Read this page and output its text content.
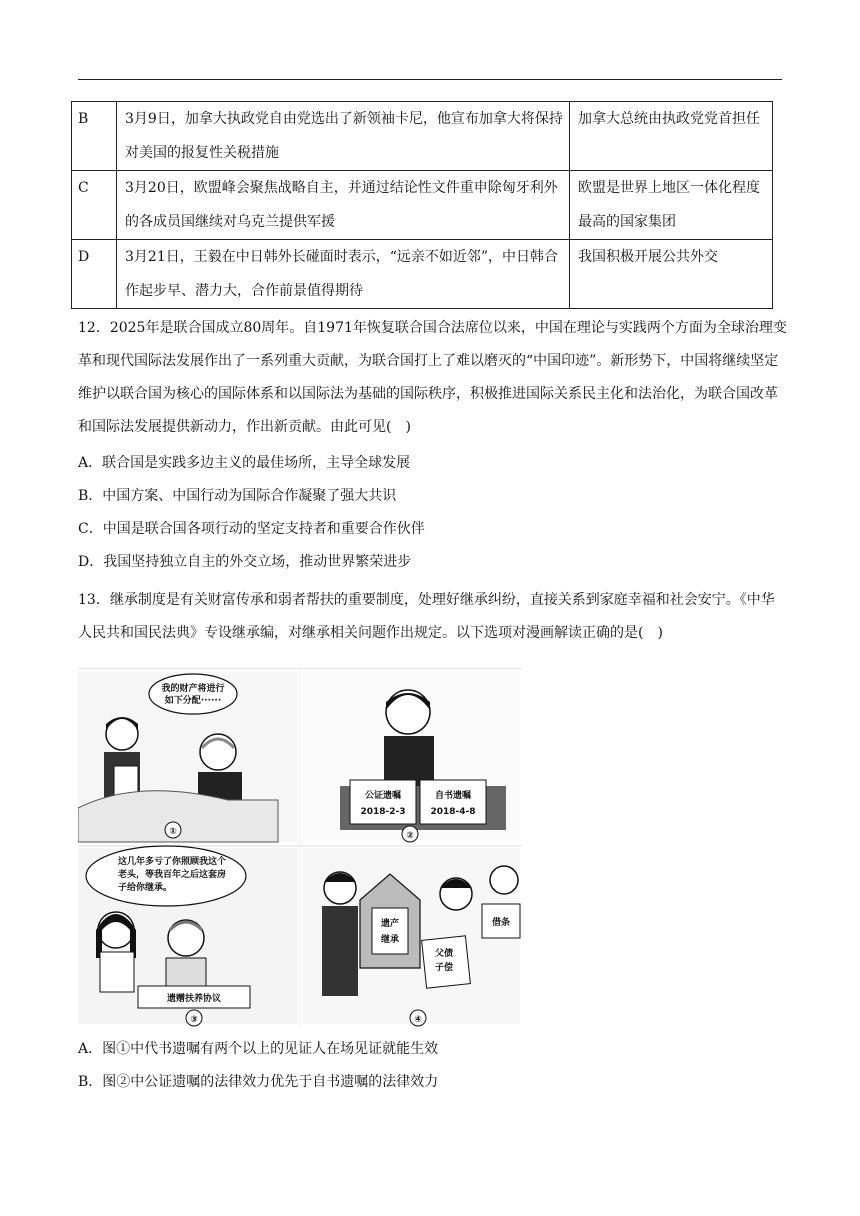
B	3月9日，加拿大执政党自由党选出了新领袖卡尼，他宣布加拿大将保持对美国的报复性关税措施	加拿大总统由执政党党首担任
C	3月20日，欧盟峰会聚焦战略自主，并通过结论性文件重申除匈牙利外的各成员国继续对乌克兰提供军援	欧盟是世界上地区一体化程度最高的国家集团
D	3月21日，王毅在中日韩外长碰面时表示，“远亲不如近邻”，中日韩合作起步早、潜力大，合作前景值得期待	我国积极开展公共外交
12．2025年是联合国成立80周年。自1971年恢复联合国合法席位以来，中国在理论与实践两个方面为全球治理变革和现代国际法发展作出了一系列重大贡献，为联合国打上了难以磨灭的“中国印迹”。新形势下，中国将继续坚定维护以联合国为核心的国际体系和以国际法为基础的国际秩序，积极推进国际关系民主化和法治化，为联合国改革和国际法发展提供新动力，作出新贡献。由此可见(　)
A．联合国是实践多边主义的最佳场所，主导全球发展
B．中国方案、中国行动为国际合作凝聚了强大共识
C．中国是联合国各项行动的坚定支持者和重要合作伙伴
D．我国坚持独立自主的外交立场，推动世界繁荣进步
13．继承制度是有关财富传承和弱者帮扶的重要制度，处理好继承纠纷，直接关系到家庭幸福和社会安宁。《中华人民共和国民法典》专设继承编，对继承相关问题作出规定。以下选项对漫画解读正确的是(　)
我的财产将进行
如下分配······
①
公证遗嘱
2018-2-3
自书遗嘱
2018-4-8
②
这几年多亏了你照顾我这个
老头，等我百年之后这套房
子给你继承。
遗赠扶养协议
③
遗产
继承
父债
子偿
借条
④
A．图①中代书遗嘱有两个以上的见证人在场见证就能生效
B．图②中公证遗嘱的法律效力优先于自书遗嘱的法律效力
